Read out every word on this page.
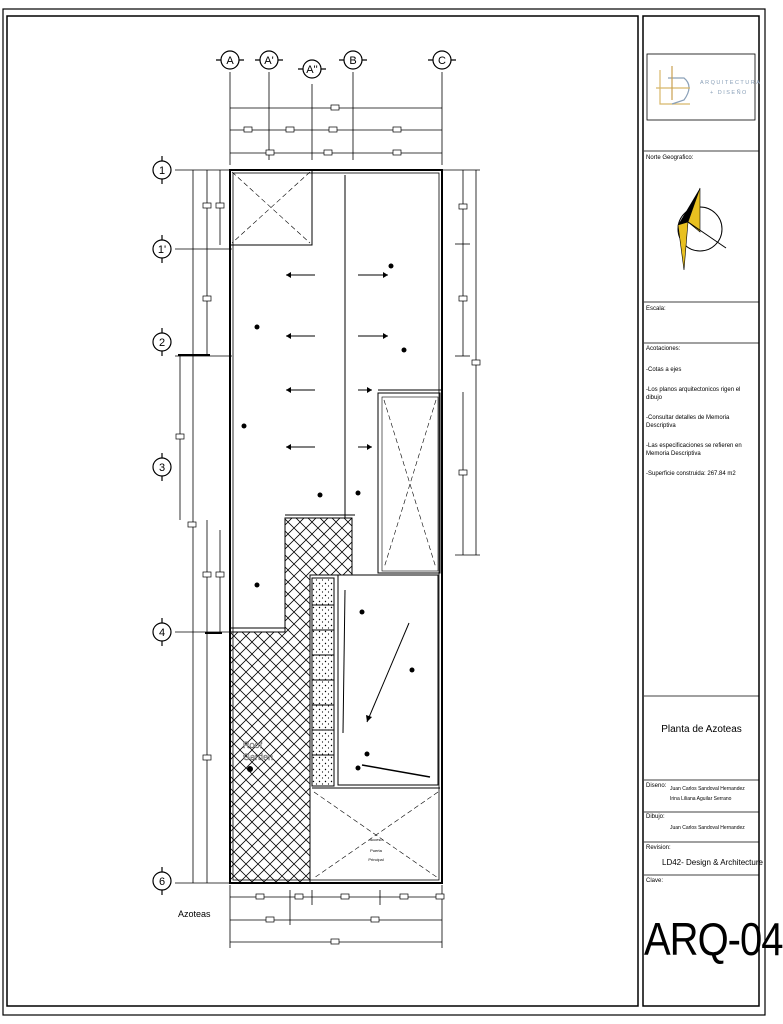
A	A'
A''
B	C
1
1'
2
3
4
6
Azoteas
Roof
Garden
Acceso
Puerta
Principal
ARQUITECTURA
+ DISEÑO
Norte Geografico:
Escala:
Acotaciones:
-Cotas a ejes
-Los planos arquitectonicos rigen el dibujo
-Consultar detalles de Memoria Descriptiva
-Las especificaciones se refieren en Memoria Descriptiva
-Superficie construida: 267.84 m2
Planta de Azoteas
Diseno: Juan Carlos Sandoval Hernandez
Irina Liliana Aguilar Serrano
Dibujo:
Juan Carlos Sandoval Hernandez
Revision:
LD42- Design & Architecture
Clave:
ARQ-04
